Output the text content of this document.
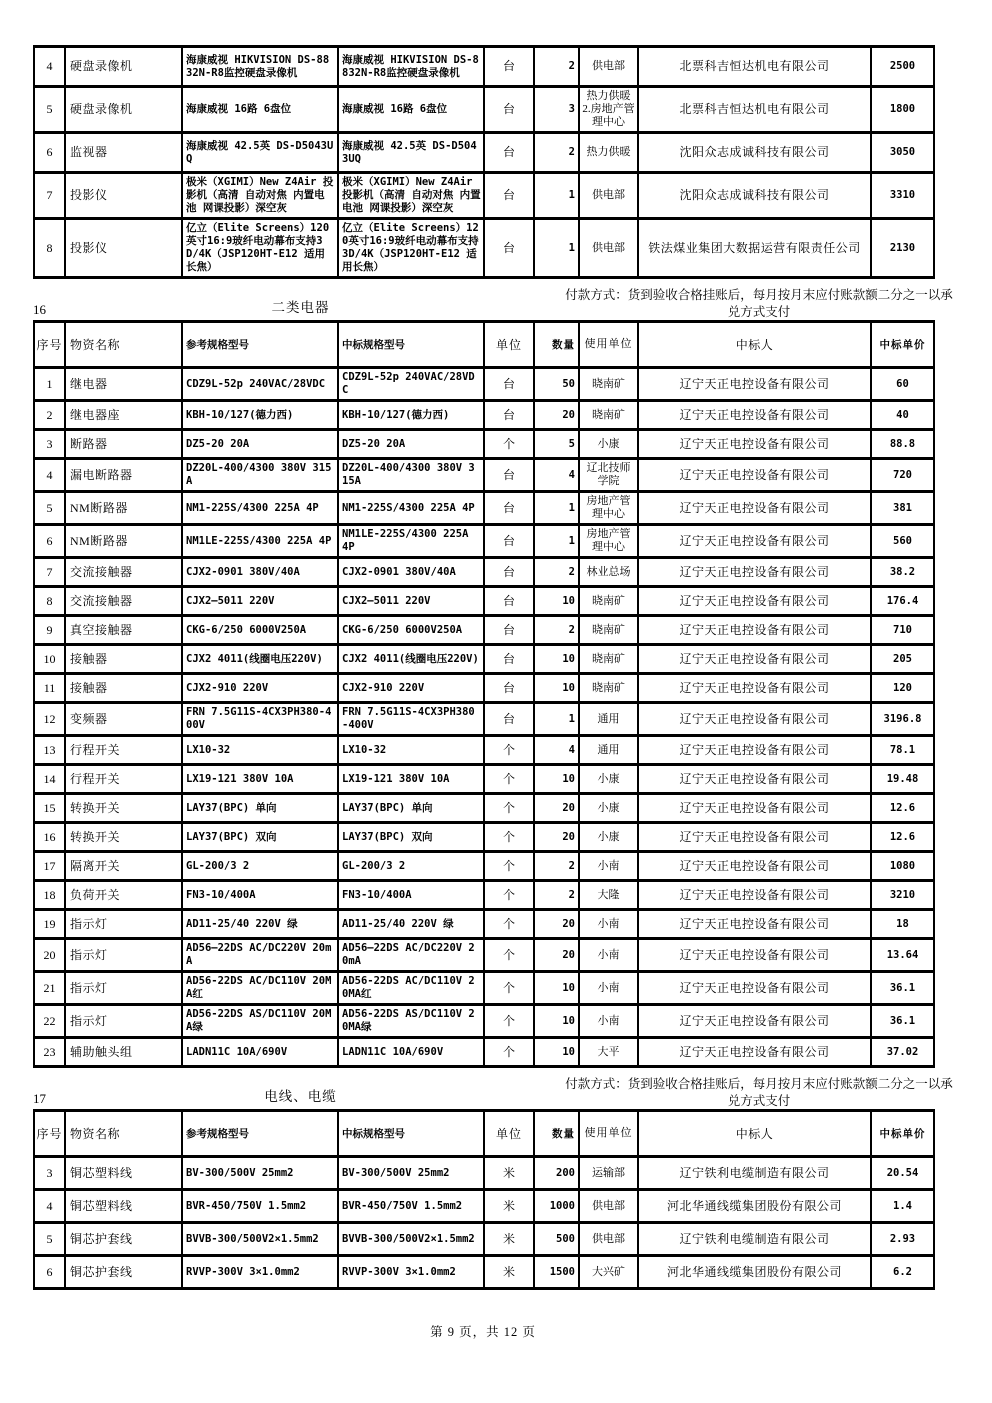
4	硬盘录像机	海康威视 HIKVISION DS-8832N-R8监控硬盘录像机	海康威视 HIKVISION DS-8832N-R8监控硬盘录像机	台	2	供电部	北票科吉恒达机电有限公司	2500
5	硬盘录像机	海康威视 16路 6盘位	海康威视 16路 6盘位	台	3	热力供暖 2.房地产管理中心	北票科吉恒达机电有限公司	1800
6	监视器	海康威视 42.5英 DS-D5043UQ	海康威视 42.5英 DS-D5043UQ	台	2	热力供暖	沈阳众志成诚科技有限公司	3050
7	投影仪	极米（XGIMI）New Z4Air 投影机（高清 自动对焦 内置电池 网课投影）深空灰	极米（XGIMI）New Z4Air 投影机（高清 自动对焦 内置电池 网课投影）深空灰	台	1	供电部	沈阳众志成诚科技有限公司	3310
8	投影仪	亿立（Elite Screens）120英寸16:9玻纤电动幕布支持3D/4K（JSP120HT-E12 适用长焦）	亿立（Elite Screens）120英寸16:9玻纤电动幕布支持3D/4K（JSP120HT-E12 适用长焦）	台	1	供电部	铁法煤业集团大数据运营有限责任公司	2130
16	二类电器
付款方式：货到验收合格挂账后，每月按月末应付账款额二分之一以承兑方式支付
序号	物资名称	参考规格型号	中标规格型号	单位	数量	使用单位	中标人	中标单价
1	继电器	CDZ9L-52p 240VAC/28VDC	CDZ9L-52p 240VAC/28VDC	台	50	晓南矿	辽宁天正电控设备有限公司	60
2	继电器座	KBH-10/127(德力西)	KBH-10/127(德力西)	台	20	晓南矿	辽宁天正电控设备有限公司	40
3	断路器	DZ5-20 20A	DZ5-20 20A	个	5	小康	辽宁天正电控设备有限公司	88.8
4	漏电断路器	DZ20L-400/4300 380V 315A	DZ20L-400/4300 380V 315A	台	4	辽北技师学院	辽宁天正电控设备有限公司	720
5	NM断路器	NM1-225S/4300 225A 4P	NM1-225S/4300 225A 4P	台	1	房地产管理中心	辽宁天正电控设备有限公司	381
6	NM断路器	NM1LE-225S/4300 225A 4P	NM1LE-225S/4300 225A 4P	台	1	房地产管理中心	辽宁天正电控设备有限公司	560
7	交流接触器	CJX2-0901 380V/40A	CJX2-0901 380V/40A	台	2	林业总场	辽宁天正电控设备有限公司	38.2
8	交流接触器	CJX2—5011 220V	CJX2—5011 220V	台	10	晓南矿	辽宁天正电控设备有限公司	176.4
9	真空接触器	CKG-6/250 6000V250A	CKG-6/250 6000V250A	台	2	晓南矿	辽宁天正电控设备有限公司	710
10	接触器	CJX2 4011(线圈电压220V)	CJX2 4011(线圈电压220V)	台	10	晓南矿	辽宁天正电控设备有限公司	205
11	接触器	CJX2-910 220V	CJX2-910 220V	台	10	晓南矿	辽宁天正电控设备有限公司	120
12	变频器	FRN 7.5G11S-4CX3PH380-400V	FRN 7.5G11S-4CX3PH380-400V	台	1	通用	辽宁天正电控设备有限公司	3196.8
13	行程开关	LX10-32	LX10-32	个	4	通用	辽宁天正电控设备有限公司	78.1
14	行程开关	LX19-121 380V 10A	LX19-121 380V 10A	个	10	小康	辽宁天正电控设备有限公司	19.48
15	转换开关	LAY37(BPC) 单向	LAY37(BPC) 单向	个	20	小康	辽宁天正电控设备有限公司	12.6
16	转换开关	LAY37(BPC) 双向	LAY37(BPC) 双向	个	20	小康	辽宁天正电控设备有限公司	12.6
17	隔离开关	GL-200/3 2	GL-200/3 2	个	2	小南	辽宁天正电控设备有限公司	1080
18	负荷开关	FN3-10/400A	FN3-10/400A	个	2	大隆	辽宁天正电控设备有限公司	3210
19	指示灯	AD11-25/40 220V 绿	AD11-25/40 220V 绿	个	20	小南	辽宁天正电控设备有限公司	18
20	指示灯	AD56—22DS AC/DC220V 20mA	AD56—22DS AC/DC220V 20mA	个	20	小南	辽宁天正电控设备有限公司	13.64
21	指示灯	AD56-22DS AC/DC110V 20MA红	AD56-22DS AC/DC110V 20MA红	个	10	小南	辽宁天正电控设备有限公司	36.1
22	指示灯	AD56-22DS AS/DC110V 20MA绿	AD56-22DS AS/DC110V 20MA绿	个	10	小南	辽宁天正电控设备有限公司	36.1
23	辅助触头组	LADN11C 10A/690V	LADN11C 10A/690V	个	10	大平	辽宁天正电控设备有限公司	37.02
17	电线、电缆
付款方式：货到验收合格挂账后，每月按月末应付账款额二分之一以承兑方式支付
序号	物资名称	参考规格型号	中标规格型号	单位	数量	使用单位	中标人	中标单价
3	铜芯塑料线	BV-300/500V 25mm2	BV-300/500V 25mm2	米	200	运输部	辽宁铁利电缆制造有限公司	20.54
4	铜芯塑料线	BVR-450/750V 1.5mm2	BVR-450/750V 1.5mm2	米	1000	供电部	河北华通线缆集团股份有限公司	1.4
5	铜芯护套线	BVVB-300/500V2×1.5mm2	BVVB-300/500V2×1.5mm2	米	500	供电部	辽宁铁利电缆制造有限公司	2.93
6	铜芯护套线	RVVP-300V 3×1.0mm2	RVVP-300V 3×1.0mm2	米	1500	大兴矿	河北华通线缆集团股份有限公司	6.2
第 9 页，共 12 页
